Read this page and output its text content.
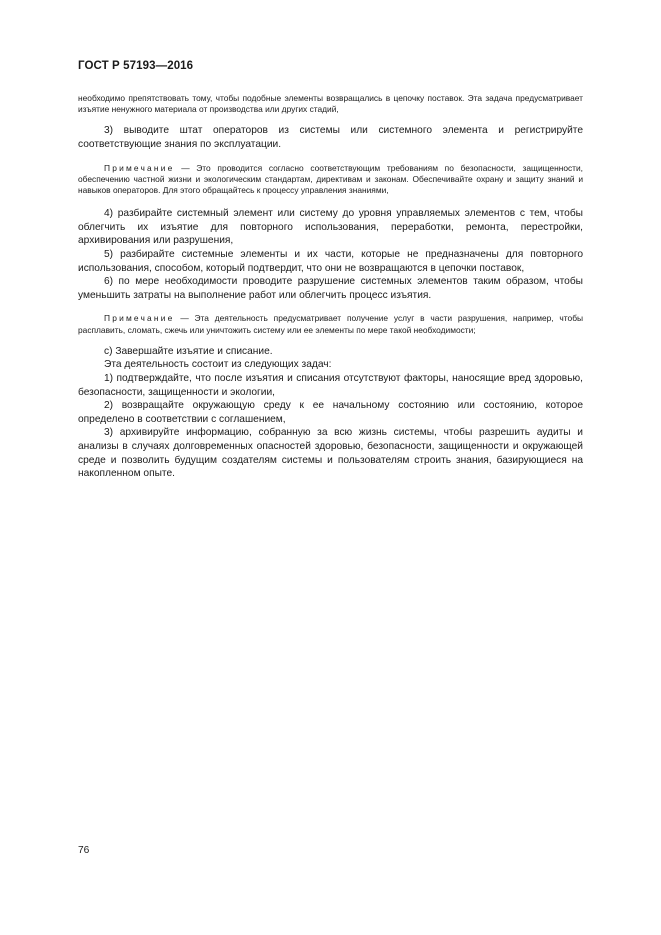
ГОСТ Р 57193—2016

необходимо препятствовать тому, чтобы подобные элементы возвращались в цепочку поставок. Эта задача предусматривает изъятие ненужного материала от производства или других стадий,

3) выводите штат операторов из системы или системного элемента и регистрируйте соответствующие знания по эксплуатации.

Примечание — Это проводится согласно соответствующим требованиям по безопасности, защищенности, обеспечению частной жизни и экологическим стандартам, директивам и законам. Обеспечивайте охрану и защиту знаний и навыков операторов. Для этого обращайтесь к процессу управления знаниями,

4) разбирайте системный элемент или систему до уровня управляемых элементов с тем, чтобы облегчить их изъятие для повторного использования, переработки, ремонта, перестройки, архивирования или разрушения,

5) разбирайте системные элементы и их части, которые не предназначены для повторного использования, способом, который подтвердит, что они не возвращаются в цепочки поставок,

6) по мере необходимости проводите разрушение системных элементов таким образом, чтобы уменьшить затраты на выполнение работ или облегчить процесс изъятия.

Примечание — Эта деятельность предусматривает получение услуг в части разрушения, например, чтобы расплавить, сломать, сжечь или уничтожить систему или ее элементы по мере такой необходимости;

с) Завершайте изъятие и списание.

Эта деятельность состоит из следующих задач:

1) подтверждайте, что после изъятия и списания отсутствуют факторы, наносящие вред здоровью, безопасности, защищенности и экологии,

2) возвращайте окружающую среду к ее начальному состоянию или состоянию, которое определено в соответствии с соглашением,

3) архивируйте информацию, собранную за всю жизнь системы, чтобы разрешить аудиты и анализы в случаях долговременных опасностей здоровью, безопасности, защищенности и окружающей среде и позволить будущим создателям системы и пользователям строить знания, базирующиеся на накопленном опыте.

76
